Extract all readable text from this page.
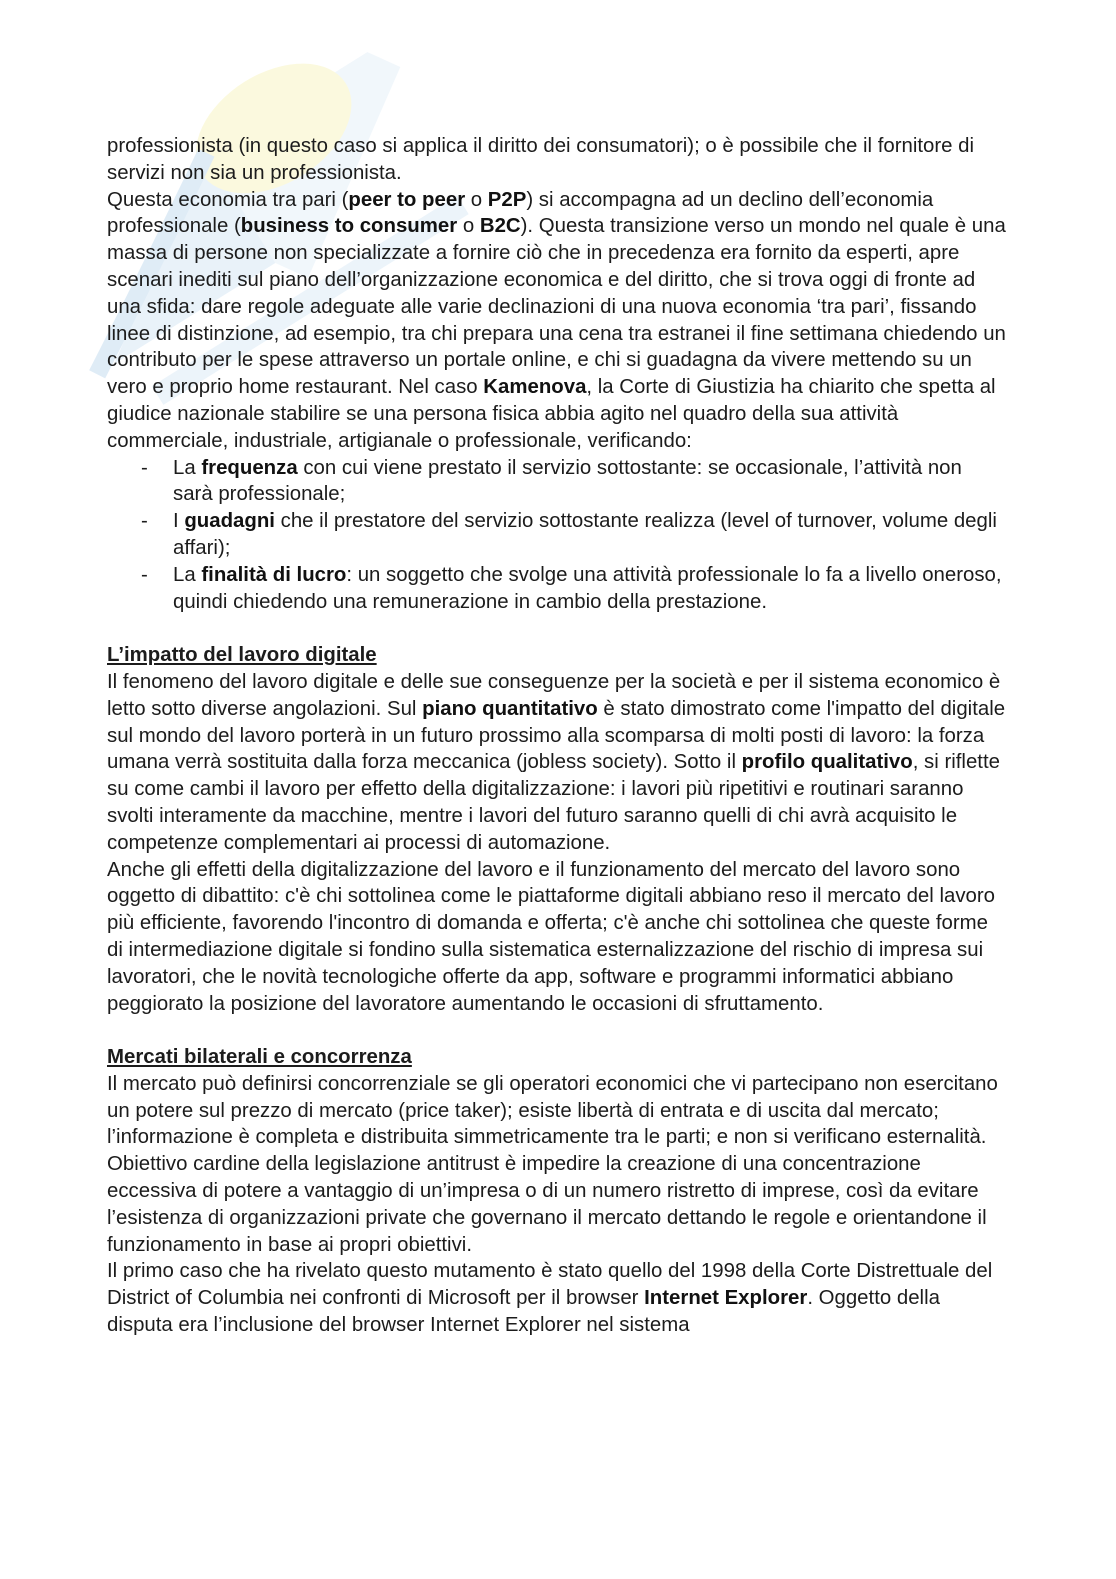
professionista (in questo caso si applica il diritto dei consumatori); o è possibile che il fornitore di servizi non sia un professionista.

Questa economia tra pari (peer to peer o P2P) si accompagna ad un declino dell’economia professionale (business to consumer o B2C). Questa transizione verso un mondo nel quale è una massa di persone non specializzate a fornire ciò che in precedenza era fornito da esperti, apre scenari inediti sul piano dell’organizzazione economica e del diritto, che si trova oggi di fronte ad una sfida: dare regole adeguate alle varie declinazioni di una nuova economia ‘tra pari’, fissando linee di distinzione, ad esempio, tra chi prepara una cena tra estranei il fine settimana chiedendo un contributo per le spese attraverso un portale online, e chi si guadagna da vivere mettendo su un vero e proprio home restaurant. Nel caso Kamenova, la Corte di Giustizia ha chiarito che spetta al giudice nazionale stabilire se una persona fisica abbia agito nel quadro della sua attività commerciale, industriale, artigianale o professionale, verificando:

- La frequenza con cui viene prestato il servizio sottostante: se occasionale, l’attività non sarà professionale;
- I guadagni che il prestatore del servizio sottostante realizza (level of turnover, volume degli affari);
- La finalità di lucro: un soggetto che svolge una attività professionale lo fa a livello oneroso, quindi chiedendo una remunerazione in cambio della prestazione.

L’impatto del lavoro digitale

Il fenomeno del lavoro digitale e delle sue conseguenze per la società e per il sistema economico è letto sotto diverse angolazioni. Sul piano quantitativo è stato dimostrato come l'impatto del digitale sul mondo del lavoro porterà in un futuro prossimo alla scomparsa di molti posti di lavoro: la forza umana verrà sostituita dalla forza meccanica (jobless society). Sotto il profilo qualitativo, si riflette su come cambi il lavoro per effetto della digitalizzazione: i lavori più ripetitivi e routinari saranno svolti interamente da macchine, mentre i lavori del futuro saranno quelli di chi avrà acquisito le competenze complementari ai processi di automazione.

Anche gli effetti della digitalizzazione del lavoro e il funzionamento del mercato del lavoro sono oggetto di dibattito: c'è chi sottolinea come le piattaforme digitali abbiano reso il mercato del lavoro più efficiente, favorendo l'incontro di domanda e offerta; c'è anche chi sottolinea che queste forme di intermediazione digitale si fondino sulla sistematica esternalizzazione del rischio di impresa sui lavoratori, che le novità tecnologiche offerte da app, software e programmi informatici abbiano peggiorato la posizione del lavoratore aumentando le occasioni di sfruttamento.

Mercati bilaterali e concorrenza

Il mercato può definirsi concorrenziale se gli operatori economici che vi partecipano non esercitano un potere sul prezzo di mercato (price taker); esiste libertà di entrata e di uscita dal mercato; l’informazione è completa e distribuita simmetricamente tra le parti; e non si verificano esternalità.

Obiettivo cardine della legislazione antitrust è impedire la creazione di una concentrazione eccessiva di potere a vantaggio di un’impresa o di un numero ristretto di imprese, così da evitare l’esistenza di organizzazioni private che governano il mercato dettando le regole e orientandone il funzionamento in base ai propri obiettivi.

Il primo caso che ha rivelato questo mutamento è stato quello del 1998 della Corte Distrettuale del District of Columbia nei confronti di Microsoft per il browser Internet Explorer. Oggetto della disputa era l’inclusione del browser Internet Explorer nel sistema
